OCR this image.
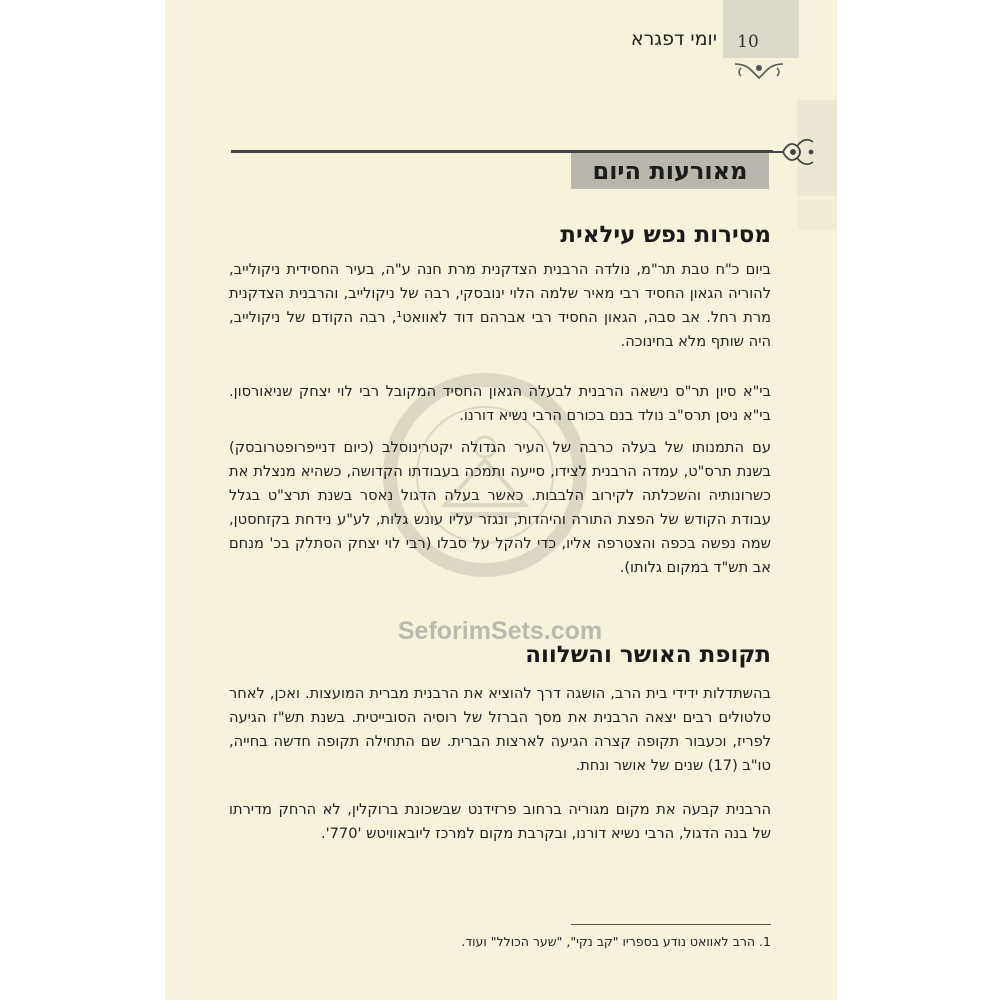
10
יומי דפגרא
מאורעות היום
SeforimSets.com
מסירות נפש עילאית

ביום כ"ח טבת תר"מ, נולדה הרבנית הצדקנית מרת חנה ע"ה, בעיר החסידית ניקולייב, להוריה הגאון החסיד רבי מאיר שלמה הלוי ינובסקי, רבה של ניקולייב, והרבנית הצדקנית מרת רחל. אב סבה, הגאון החסיד רבי אברהם דוד לאוואט¹, רבה הקודם של ניקולייב, היה שותף מלא בחינוכה.

בי"א סיון תר"ס נישאה הרבנית לבעלה הגאון החסיד המקובל רבי לוי יצחק שניאורסון. בי"א ניסן תרס"ב נולד בנם בכורם הרבי נשיא דורנו.

עם התמנותו של בעלה כרבה של העיר הגדולה יקטרינוסלב (כיום דנייפרופטרובסק) בשנת תרס"ט, עמדה הרבנית לצידו, סייעה ותמכה בעבודתו הקדושה, כשהיא מנצלת את כשרונותיה והשכלתה לקירוב הלבבות. כאשר בעלה הדגול נאסר בשנת תרצ"ט בגלל עבודת הקודש של הפצת התורה והיהדות, ונגזר עליו עונש גלות, לע"ע נידחת בקזחסטן, שמה נפשה בכפה והצטרפה אליו, כדי להקל על סבלו (רבי לוי יצחק הסתלק בכ' מנחם אב תש"ד במקום גלותו).

תקופת האושר והשלווה

בהשתדלות ידידי בית הרב, הושגה דרך להוציא את הרבנית מברית המועצות. ואכן, לאחר טלטולים רבים יצאה הרבנית את מסך הברזל של רוסיה הסובייטית. בשנת תש"ז הגיעה לפריז, וכעבור תקופה קצרה הגיעה לארצות הברית. שם התחילה תקופה חדשה בחייה, טו"ב (17) שנים של אושר ונחת.

הרבנית קבעה את מקום מגוריה ברחוב פרזידנט שבשכונת ברוקלין, לא הרחק מדירתו של בנה הדגול, הרבי נשיא דורנו, ובקרבת מקום למרכז ליובאוויטש '770'.

1. הרב לאוואט נודע בספריו "קב נקי", "שער הכולל" ועוד.
